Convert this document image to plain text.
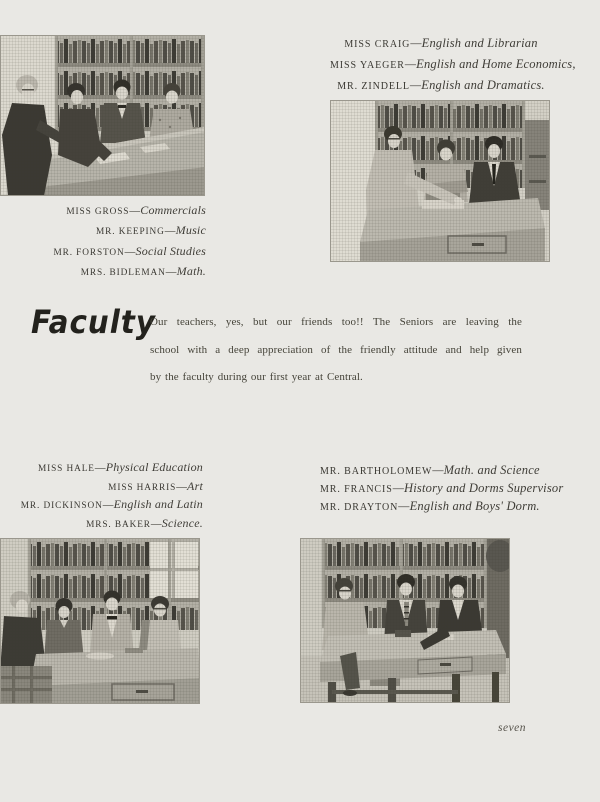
MISS GROSS—Commercials
MR. KEEPING—Music
MR. FORSTON—Social Studies
MRS. BIDLEMAN—Math.
MISS CRAIG—English and Librarian
MISS YAEGER—English and Home Economics,
MR. ZINDELL—English and Dramatics.
Faculty
Our teachers, yes, but our friends too!! The Seniors are leaving the
school with a deep appreciation of the friendly attitude and help given
by the faculty during our first year at Central.
MISS HALE—Physical Education
MISS HARRIS—Art
MR. DICKINSON—English and Latin
MRS. BAKER—Science.
MR. BARTHOLOMEW—Math. and Science
MR. FRANCIS—History and Dorms Supervisor
MR. DRAYTON—English and Boys' Dorm.
seven
